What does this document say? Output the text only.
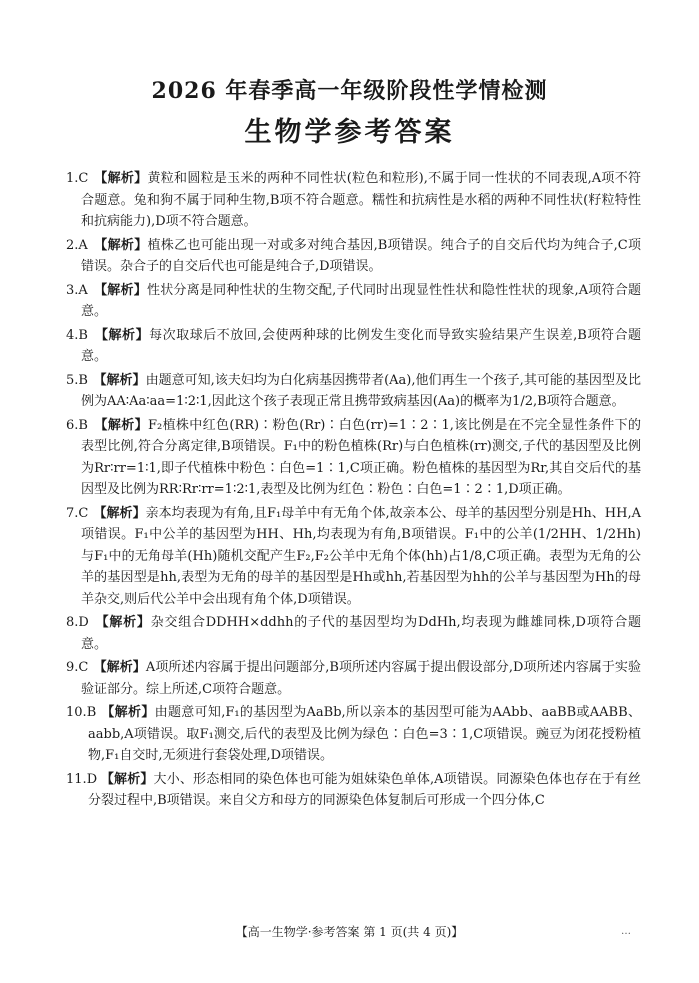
2026 年春季高一年级阶段性学情检测
生物学参考答案
1.C 【解析】黄粒和圆粒是玉米的两种不同性状(粒色和粒形),不属于同一性状的不同表现,A项不符合题意。兔和狗不属于同种生物,B项不符合题意。糯性和抗病性是水稻的两种不同性状(籽粒特性和抗病能力),D项不符合题意。
2.A 【解析】植株乙也可能出现一对或多对纯合基因,B项错误。纯合子的自交后代均为纯合子,C项错误。杂合子的自交后代也可能是纯合子,D项错误。
3.A 【解析】性状分离是同种性状的生物交配,子代同时出现显性性状和隐性性状的现象,A项符合题意。
4.B 【解析】每次取球后不放回,会使两种球的比例发生变化而导致实验结果产生误差,B项符合题意。
5.B 【解析】由题意可知,该夫妇均为白化病基因携带者(Aa),他们再生一个孩子,其可能的基因型及比例为AA∶Aa∶aa=1∶2∶1,因此这个孩子表现正常且携带致病基因(Aa)的概率为1/2,B项符合题意。
6.B 【解析】F₂植株中红色(RR)∶粉色(Rr)∶白色(rr)=1∶2∶1,该比例是在不完全显性条件下的表型比例,符合分离定律,B项错误。F₁中的粉色植株(Rr)与白色植株(rr)测交,子代的基因型及比例为Rr∶rr=1∶1,即子代植株中粉色∶白色=1∶1,C项正确。粉色植株的基因型为Rr,其自交后代的基因型及比例为RR∶Rr∶rr=1∶2∶1,表型及比例为红色∶粉色∶白色=1∶2∶1,D项正确。
7.C 【解析】亲本均表现为有角,且F₁母羊中有无角个体,故亲本公、母羊的基因型分别是Hh、HH,A项错误。F₁中公羊的基因型为HH、Hh,均表现为有角,B项错误。F₁中的公羊(1/2HH、1/2Hh)与F₁中的无角母羊(Hh)随机交配产生F₂,F₂公羊中无角个体(hh)占1/8,C项正确。表型为无角的公羊的基因型是hh,表型为无角的母羊的基因型是Hh或hh,若基因型为hh的公羊与基因型为Hh的母羊杂交,则后代公羊中会出现有角个体,D项错误。
8.D 【解析】杂交组合DDHH×ddhh的子代的基因型均为DdHh,均表现为雌雄同株,D项符合题意。
9.C 【解析】A项所述内容属于提出问题部分,B项所述内容属于提出假设部分,D项所述内容属于实验验证部分。综上所述,C项符合题意。
10.B 【解析】由题意可知,F₁的基因型为AaBb,所以亲本的基因型可能为AAbb、aaBB或AABB、aabb,A项错误。取F₁测交,后代的表型及比例为绿色∶白色=3∶1,C项错误。豌豆为闭花授粉植物,F₁自交时,无须进行套袋处理,D项错误。
11.D 【解析】大小、形态相同的染色体也可能为姐妹染色单体,A项错误。同源染色体也存在于有丝分裂过程中,B项错误。来自父方和母方的同源染色体复制后可形成一个四分体,C
【高一生物学·参考答案 第 1 页(共 4 页)】	…
